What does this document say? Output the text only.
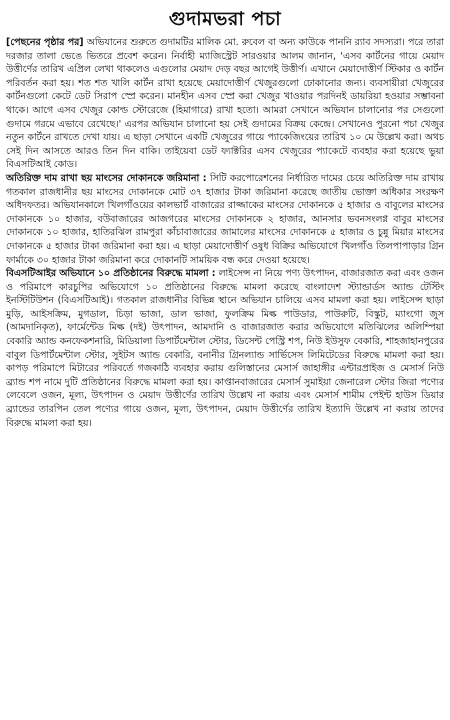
গুদামভরা পচা

[পেছনের পৃষ্ঠার পর] অভিযানের শুরুতে গুদামটির মালিক মো. রুবেল বা অন্য কাউকে পাননি র‍্যাব সদস্যরা। পরে তারা দরজার তালা ভেঙে ভিতরে প্রবেশ করেন। নির্বাহী ম্যাজিস্ট্রেট সারওয়ার আলম জানান, 'এসব কার্টনের গায়ে মেয়াদ উত্তীর্ণের তারিখ এপ্রিল লেখা থাকলেও এগুলোর মেয়াদ দেড় বছর আগেই উত্তীর্ণ। এখানে মেয়াদোত্তীর্ণ স্টিকার ও কার্টন পরিবর্তন করা হয়। শত শত খালি কার্টন রাখা হয়েছে মেয়াদোত্তীর্ণ খেজুরগুলো ঢোকানোর জন্য। ব্যবসায়ীরা খেজুরের কার্টনগুলো কেটে ডেট সিরাপ স্প্রে করেন। মানহীন এসব স্প্রে করা খেজুর খাওয়ার পরদিনই ডায়রিয়া হওয়ার সম্ভাবনা থাকে। আগে এসব খেজুর কোল্ড স্টোরেজে (হিমাগারে) রাখা হতো। আমরা সেখানে অভিযান চালানোর পর সেগুলো গুদামে গরমে এভাবে রেখেছে।' এরপর অভিযান চালানো হয় সেই গুদামের বিক্রয় কেন্দ্রে। সেখানেও পুরনো পচা খেজুর নতুন কার্টনে রাখতে দেখা যায়। এ ছাড়া সেখানে একটি খেজুরের গায়ে প্যাকেজিংয়ের তারিখ ১০ মে উল্লেখ করা। অথচ সেই দিন আসতে আরও তিন দিন বাকি। তাইয়েবা ডেট ফ্যাক্টরির এসব খেজুরের প্যাকেটে ব্যবহার করা হয়েছে ভুয়া বিএসটিআই কোড।

অতিরিক্ত দাম রাখা ছয় মাংসের দোকানকে জরিমানা : সিটি করপোরেশনের নির্ধারিত দামের চেয়ে অতিরিক্ত দাম রাখায় গতকাল রাজধানীর ছয় মাংসের দোকানকে মোট ৩৭ হাজার টাকা জরিমানা করেছে জাতীয় ভোক্তা অধিকার সংরক্ষণ অধিদফতর। অভিযানকালে খিলগাঁওয়ের কালভার্ট বাজারের রাজ্জাকের মাংসের দোকানকে ৫ হাজার ও বাবুলের মাংসের দোকানকে ১০ হাজার, বউবাজারের আজগরের মাংসের দোকানকে ২ হাজার, আনসার ভবনসংলগ্ন বাবুর মাংসের দোকানকে ১০ হাজার, হাতিরঝিল রামপুরা কাঁচাবাজারের জামালের মাংসের দোকানকে ৫ হাজার ও চুন্নু মিয়ার মাংসের দোকানকে ৫ হাজার টাকা জরিমানা করা হয়। এ ছাড়া মেয়াদোত্তীর্ণ ওষুধ বিক্রির অভিযোগে খিলগাঁও তিলপাপাড়ার গ্রিন ফার্মাকে ৩০ হাজার টাকা জরিমানা করে দোকানটি সাময়িক বন্ধ করে দেওয়া হয়েছে।

বিএসটিআইর অভিযানে ১০ প্রতিষ্ঠানের বিরুদ্ধে মামলা : লাইসেন্স না নিয়ে পণ্য উৎপাদন, বাজারজাত করা এবং ওজন ও পরিমাপে কারচুপির অভিযোগে ১০ প্রতিষ্ঠানের বিরুদ্ধে মামলা করেছে বাংলাদেশ স্ট্যান্ডার্ডস অ্যান্ড টেস্টিং ইনস্টিটিউশন (বিএসটিআই)। গতকাল রাজধানীর বিভিন্ন স্থানে অভিযান চালিয়ে এসব মামলা করা হয়। লাইসেন্স ছাড়া মুড়ি, আইসক্রিম, মুগডাল, চিড়া ভাজা, ডাল ভাজা, ফুলক্রিম মিল্ক পাউডার, পাউরুটি, বিস্কুট, ম্যাংগো জুস (আমদানিকৃত), ফার্মেন্টেড মিল্ক (দই) উৎপাদন, আমদানি ও বাজারজাত করার অভিযোগে মতিঝিলের অলিম্পিয়া বেকারি অ্যান্ড কনফেকশনারি, মিডিয়ালা ডিপার্টমেন্টাল স্টোর, ডিসেন্ট পেস্ট্রি শপ, নিউ ইউসুফ বেকারি, শাহজাহানপুরের বাবুল ডিপার্টমেন্টাল স্টোর, সুইটস অ্যান্ড বেকারি, বনানীর গ্রিনল্যান্ড সার্ভিসেস লিমিটেডের বিরুদ্ধে মামলা করা হয়। কাপড় পরিমাপে মিটারের পরিবর্তে গজকাঠি ব্যবহার করায় গুলিস্তানের মেসার্স জাহাঙ্গীর এন্টারপ্রাইজ ও মেসার্স নিউ ব্র্যান্ড শপ নামে দুটি প্রতিষ্ঠানের বিরুদ্ধে মামলা করা হয়। কাপ্তানবাজারের মেসার্স সুমাইয়া জেনারেল স্টোর জিরা পণ্যের লেবেলে ওজন, মূল্য, উৎপাদন ও মেয়াদ উত্তীর্ণের তারিখ উল্লেখ না করায় এবং মেসার্স শামীম পেইন্ট হাউস ডিয়ার ব্র্যান্ডের তারপিন তেল পণ্যের গায়ে ওজন, মূল্য, উৎপাদন, মেয়াদ উত্তীর্ণের তারিখ ইত্যাদি উল্লেখ না করায় তাদের বিরুদ্ধে মামলা করা হয়।
